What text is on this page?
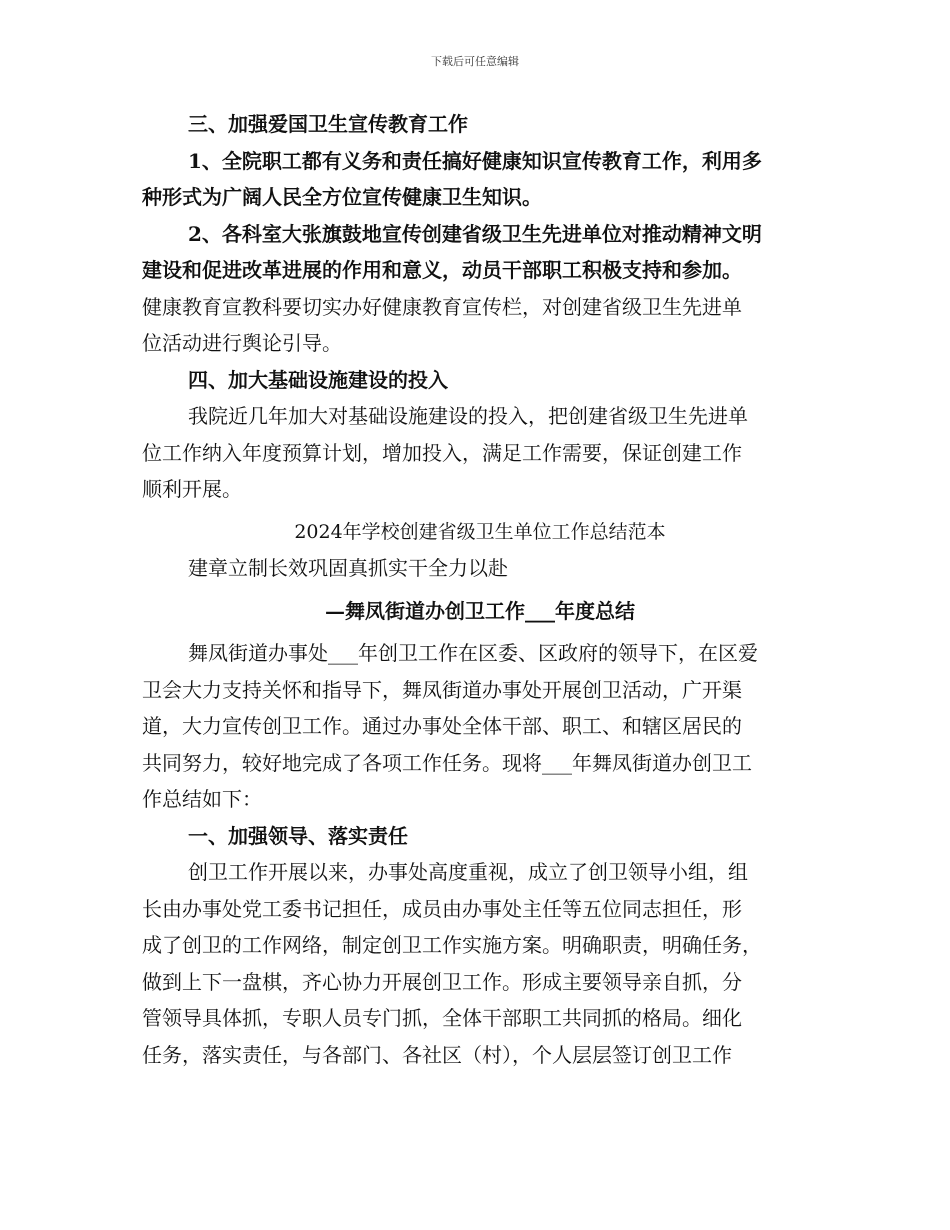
下载后可任意编辑
三、加强爱国卫生宣传教育工作
1、全院职工都有义务和责任搞好健康知识宣传教育工作，利用多
种形式为广阔人民全方位宣传健康卫生知识。
2、各科室大张旗鼓地宣传创建省级卫生先进单位对推动精神文明
建设和促进改革进展的作用和意义，动员干部职工积极支持和参加。
健康教育宣教科要切实办好健康教育宣传栏，对创建省级卫生先进单
位活动进行舆论引导。
四、加大基础设施建设的投入
我院近几年加大对基础设施建设的投入，把创建省级卫生先进单
位工作纳入年度预算计划，增加投入，满足工作需要，保证创建工作
顺利开展。
2024年学校创建省级卫生单位工作总结范本
建章立制长效巩固真抓实干全力以赴
—舞凤街道办创卫工作___年度总结
舞凤街道办事处___年创卫工作在区委、区政府的领导下，在区爱
卫会大力支持关怀和指导下，舞凤街道办事处开展创卫活动，广开渠
道，大力宣传创卫工作。通过办事处全体干部、职工、和辖区居民的
共同努力，较好地完成了各项工作任务。现将___年舞凤街道办创卫工
作总结如下：
一、加强领导、落实责任
创卫工作开展以来，办事处高度重视，成立了创卫领导小组，组
长由办事处党工委书记担任，成员由办事处主任等五位同志担任，形
成了创卫的工作网络，制定创卫工作实施方案。明确职责，明确任务，
做到上下一盘棋，齐心协力开展创卫工作。形成主要领导亲自抓，分
管领导具体抓，专职人员专门抓，全体干部职工共同抓的格局。细化
任务，落实责任，与各部门、各社区（村），个人层层签订创卫工作
